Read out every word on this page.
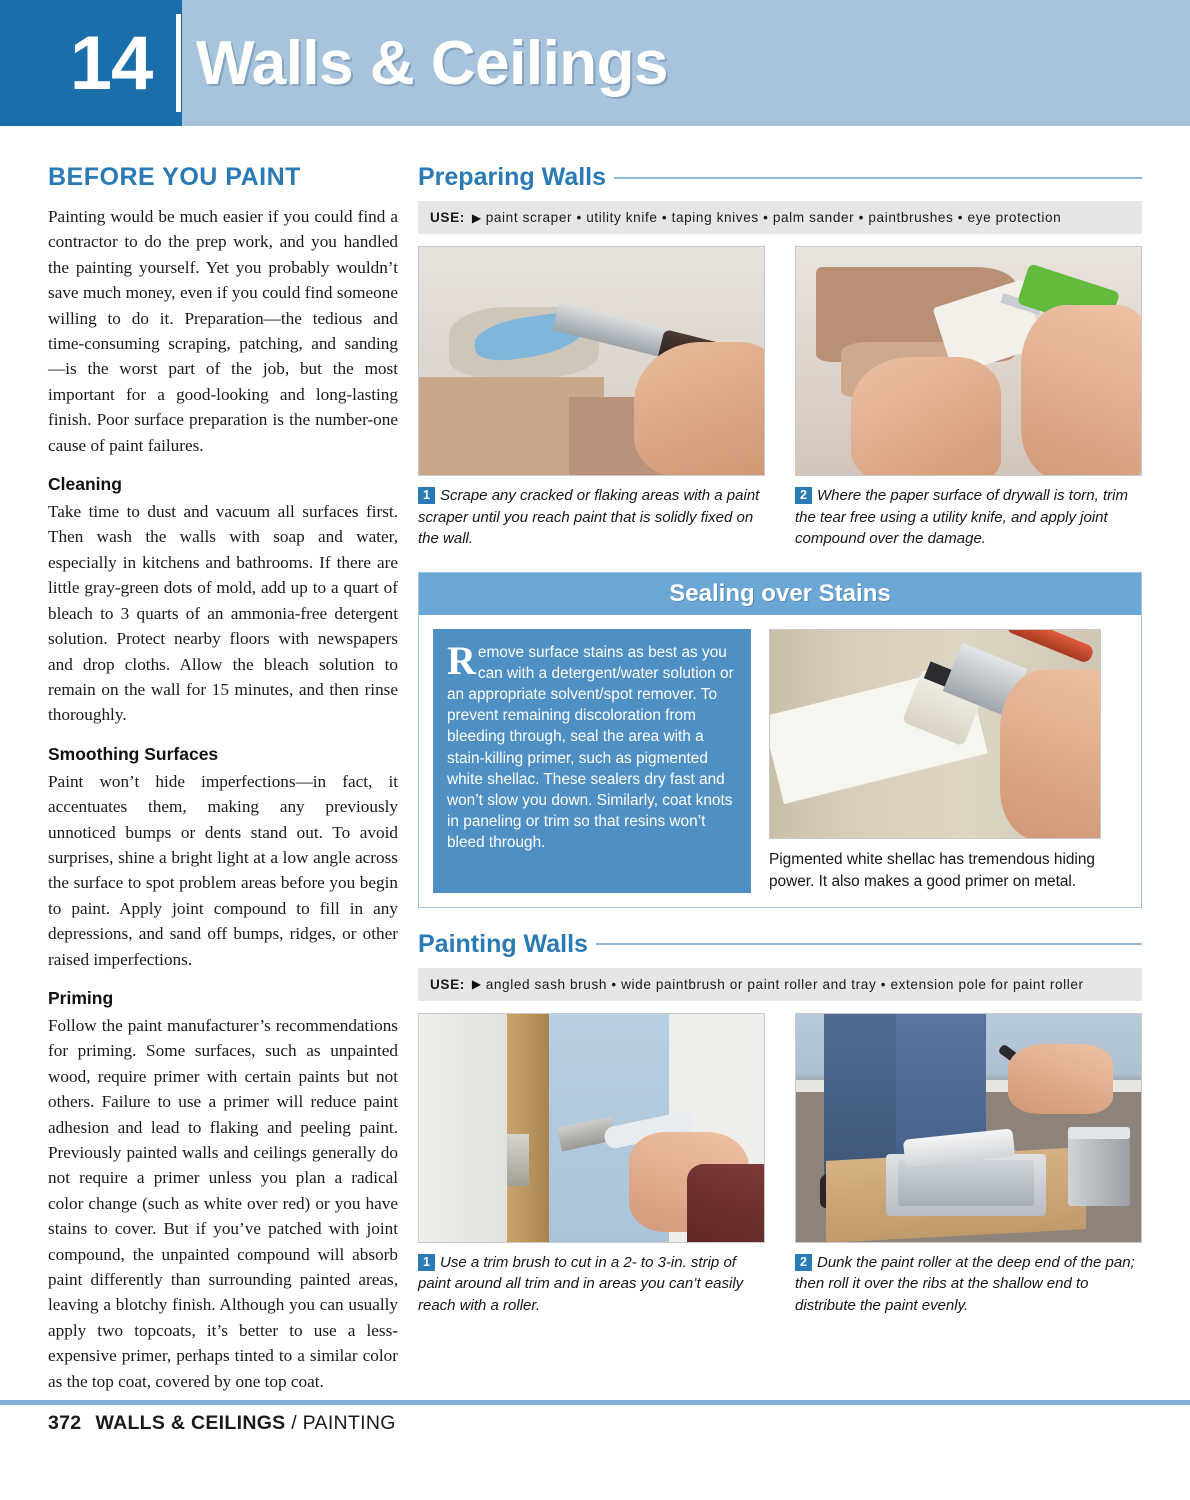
14 Walls & Ceilings
BEFORE YOU PAINT

Painting would be much easier if you could find a contractor to do the prep work, and you handled the painting yourself. Yet you probably wouldn’t save much money, even if you could find someone willing to do it. Preparation—the tedious and time-consuming scraping, patching, and sanding—is the worst part of the job, but the most important for a good-looking and long-lasting finish. Poor surface preparation is the number-one cause of paint failures.

Cleaning

Take time to dust and vacuum all surfaces first. Then wash the walls with soap and water, especially in kitchens and bathrooms. If there are little gray-green dots of mold, add up to a quart of bleach to 3 quarts of an ammonia-free detergent solution. Protect nearby floors with newspapers and drop cloths. Allow the bleach solution to remain on the wall for 15 minutes, and then rinse thoroughly.

Smoothing Surfaces

Paint won’t hide imperfections—in fact, it accentuates them, making any previously unnoticed bumps or dents stand out. To avoid surprises, shine a bright light at a low angle across the surface to spot problem areas before you begin to paint. Apply joint compound to fill in any depressions, and sand off bumps, ridges, or other raised imperfections.

Priming

Follow the paint manufacturer’s recommendations for priming. Some surfaces, such as unpainted wood, require primer with certain paints but not others. Failure to use a primer will reduce paint adhesion and lead to flaking and peeling paint. Previously painted walls and ceilings generally do not require a primer unless you plan a radical color change (such as white over red) or you have stains to cover. But if you’ve patched with joint compound, the unpainted compound will absorb paint differently than surrounding painted areas, leaving a blotchy finish. Although you can usually apply two topcoats, it’s better to use a less-expensive primer, perhaps tinted to a similar color as the top coat, covered by one top coat.

Preparing Walls
USE: ▶ paint scraper • utility knife • taping knives • palm sander • paintbrushes • eye protection
1 Scrape any cracked or flaking areas with a paint scraper until you reach paint that is solidly fixed on the wall.
2 Where the paper surface of drywall is torn, trim the tear free using a utility knife, and apply joint compound over the damage.
Sealing over Stains
Remove surface stains as best as you can with a detergent/water solution or an appropriate solvent/spot remover. To prevent remaining discoloration from bleeding through, seal the area with a stain-killing primer, such as pigmented white shellac. These sealers dry fast and won’t slow you down. Similarly, coat knots in paneling or trim so that resins won’t bleed through.
Pigmented white shellac has tremendous hiding power. It also makes a good primer on metal.
Painting Walls
USE: ▶ angled sash brush • wide paintbrush or paint roller and tray • extension pole for paint roller
1 Use a trim brush to cut in a 2- to 3-in. strip of paint around all trim and in areas you can’t easily reach with a roller.
2 Dunk the paint roller at the deep end of the pan; then roll it over the ribs at the shallow end to distribute the paint evenly.
372 WALLS & CEILINGS / PAINTING
